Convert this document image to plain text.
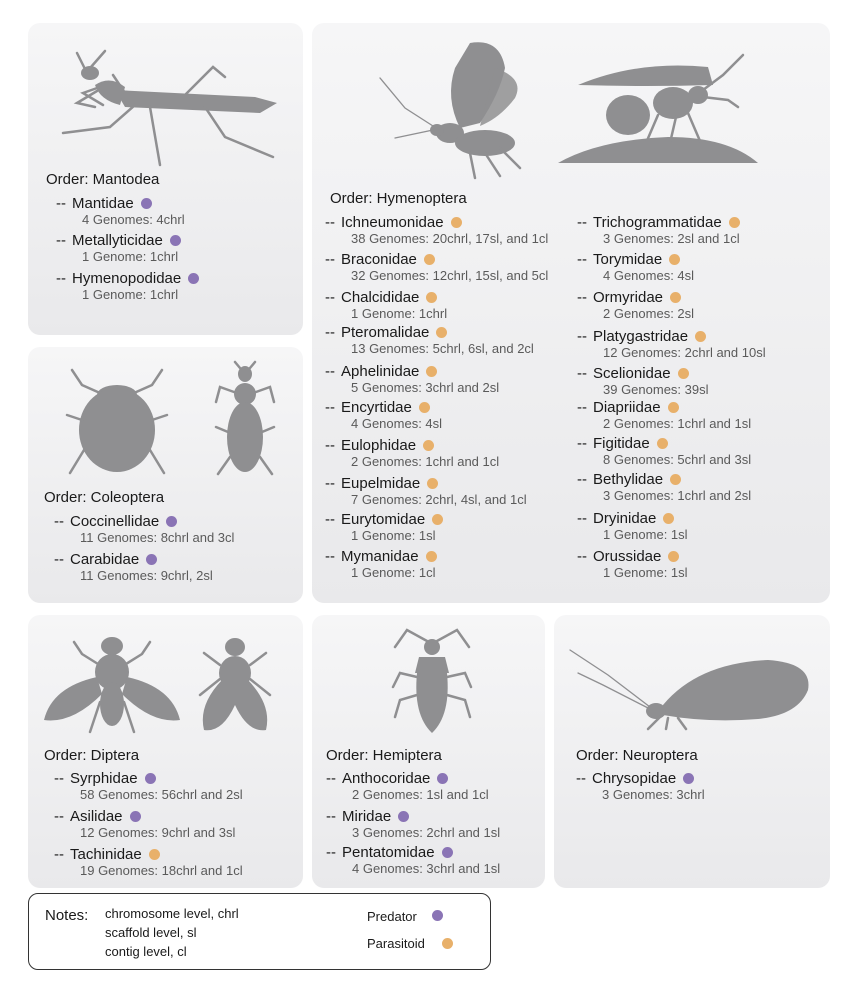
Order: Mantodea
Order: Coleoptera
Order: Hymenoptera
Order: Diptera	Order: Hemiptera	Order: Neuroptera
-- Mantidae
4 Genomes: 4chrl
-- Metallyticidae
1 Genome: 1chrl
-- Hymenopodidae
1 Genome: 1chrl
-- Coccinellidae
11 Genomes: 8chrl and 3cl
-- Carabidae
11 Genomes: 9chrl, 2sl
-- Ichneumonidae
38 Genomes: 20chrl, 17sl, and 1cl
-- Braconidae
32 Genomes: 12chrl, 15sl, and 5cl
-- Chalcididae
1 Genome: 1chrl
-- Pteromalidae
13 Genomes: 5chrl, 6sl, and 2cl
-- Aphelinidae
5 Genomes: 3chrl and 2sl
-- Encyrtidae
4 Genomes: 4sl
-- Eulophidae
2 Genomes: 1chrl and 1cl
-- Eupelmidae
7 Genomes: 2chrl, 4sl, and 1cl
-- Eurytomidae
1 Genome: 1sl
-- Mymanidae
1 Genome: 1cl
-- Trichogrammatidae
3 Genomes: 2sl and 1cl
-- Torymidae
4 Genomes: 4sl
-- Ormyridae
2 Genomes: 2sl
-- Platygastridae
12 Genomes: 2chrl and 10sl
-- Scelionidae
39 Genomes: 39sl
-- Diapriidae
2 Genomes: 1chrl and 1sl
-- Figitidae
8 Genomes: 5chrl and 3sl
-- Bethylidae
3 Genomes: 1chrl and 2sl
-- Dryinidae
1 Genome: 1sl
-- Orussidae
1 Genome: 1sl
-- Syrphidae
58 Genomes: 56chrl and 2sl
-- Asilidae
12 Genomes: 9chrl and 3sl
-- Tachinidae
19 Genomes: 18chrl and 1cl
-- Anthocoridae
2 Genomes: 1sl and 1cl
-- Miridae
3 Genomes: 2chrl and 1sl
-- Pentatomidae
4 Genomes: 3chrl and 1sl
-- Chrysopidae
3 Genomes: 3chrl
Notes: chromosome level, chrl
scaffold level, sl
contig level, cl
Predator
Parasitoid
